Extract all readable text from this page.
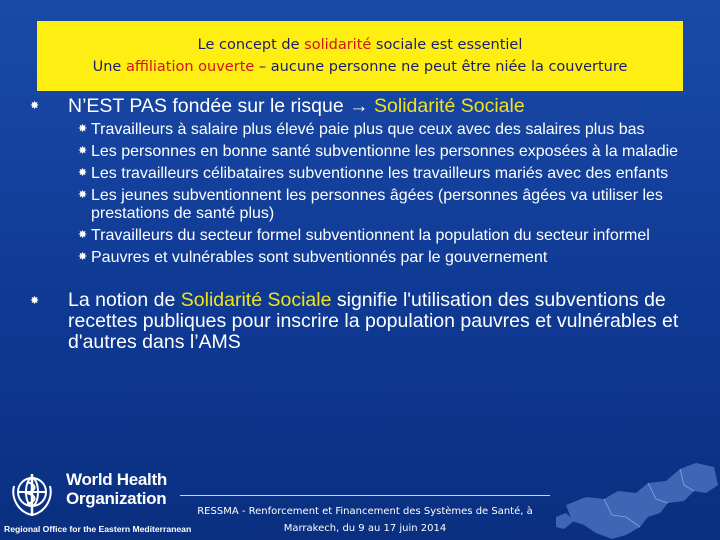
Le concept de solidarité sociale est essentiel
Une affiliation ouverte – aucune personne ne peut être niée la couverture
✸ N’EST PAS fondée sur le risque → Solidarité Sociale
✸ Travailleurs à salaire plus élevé paie plus que ceux avec des salaires plus bas
✸ Les personnes en bonne santé subventionne les personnes exposées à la maladie
✸ Les travailleurs célibataires subventionne les travailleurs mariés avec des enfants
✸ Les jeunes subventionnent les personnes âgées (personnes âgées va utiliser les prestations de santé plus)
✸ Travailleurs du secteur formel subventionnent la population du secteur informel
✸ Pauvres et vulnérables sont subventionnés par le gouvernement
✸ La notion de Solidarité Sociale signifie l'utilisation des subventions de recettes publiques pour inscrire la population pauvres et vulnérables et d'autres dans l’AMS
World Health
Organization
Regional Office for the Eastern Mediterranean
RESSMA - Renforcement et Financement des Systèmes de Santé, à
Marrakech, du 9 au 17 juin 2014
